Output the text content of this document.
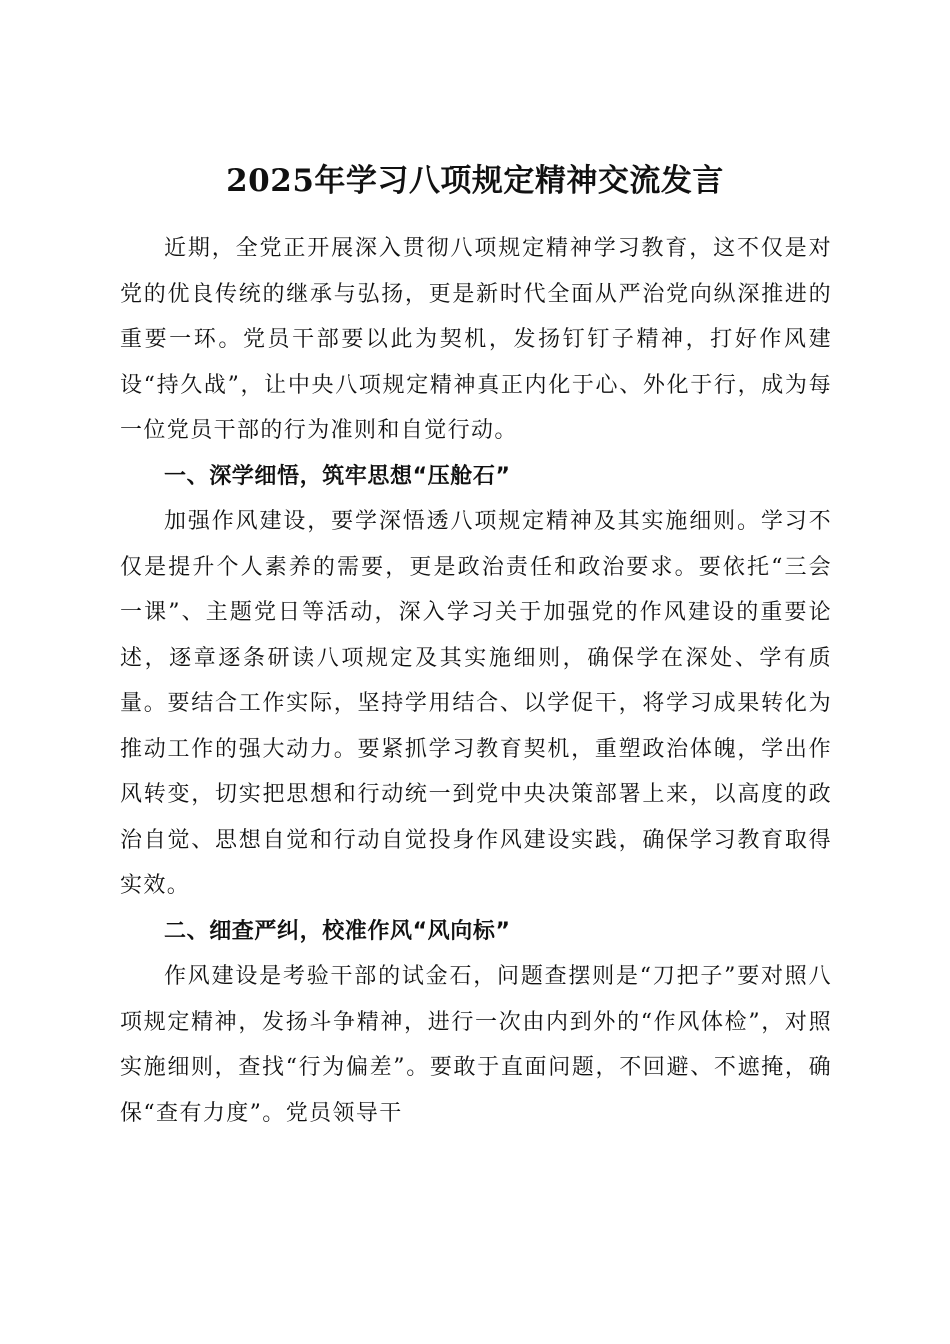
2025年学习八项规定精神交流发言

近期，全党正开展深入贯彻八项规定精神学习教育，这不仅是对党的优良传统的继承与弘扬，更是新时代全面从严治党向纵深推进的重要一环。党员干部要以此为契机，发扬钉钉子精神，打好作风建设“持久战”，让中央八项规定精神真正内化于心、外化于行，成为每一位党员干部的行为准则和自觉行动。

一、深学细悟，筑牢思想“压舱石”

加强作风建设，要学深悟透八项规定精神及其实施细则。学习不仅是提升个人素养的需要，更是政治责任和政治要求。要依托“三会一课”、主题党日等活动，深入学习关于加强党的作风建设的重要论述，逐章逐条研读八项规定及其实施细则，确保学在深处、学有质量。要结合工作实际，坚持学用结合、以学促干，将学习成果转化为推动工作的强大动力。要紧抓学习教育契机，重塑政治体魄，学出作风转变，切实把思想和行动统一到党中央决策部署上来，以高度的政治自觉、思想自觉和行动自觉投身作风建设实践，确保学习教育取得实效。

二、细查严纠，校准作风“风向标”

作风建设是考验干部的试金石，问题查摆则是“刀把子”要对照八项规定精神，发扬斗争精神，进行一次由内到外的“作风体检”，对照实施细则，查找“行为偏差”。要敢于直面问题，不回避、不遮掩，确保“查有力度”。党员领导干
